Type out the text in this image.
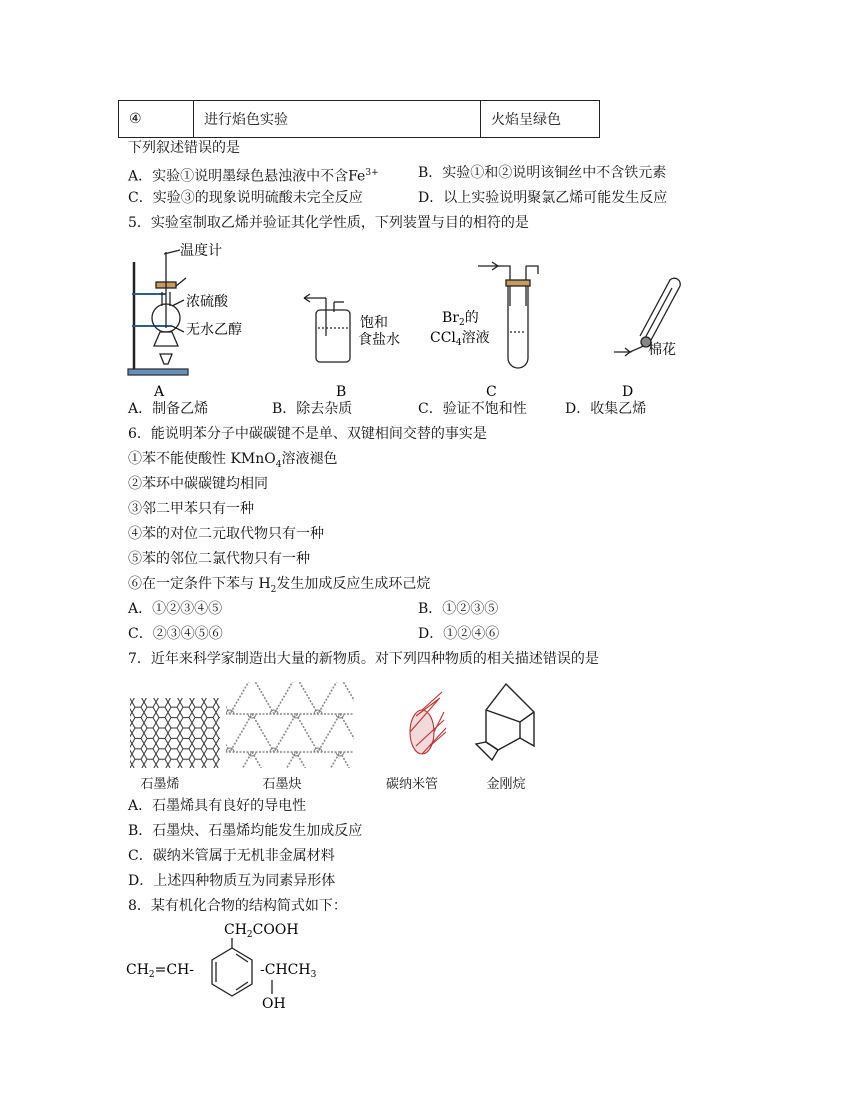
④	进行焰色实验	火焰呈绿色
下列叙述错误的是
A．实验①说明墨绿色悬浊液中不含$Fe^{3+}$	B．实验①和②说明该铜丝中不含铁元素
C．实验③的现象说明硫酸未完全反应	D．以上实验说明聚氯乙烯可能发生反应
5．实验室制取乙烯并验证其化学性质，下列装置与目的相符的是
温度计
浓硫酸
无水乙醇
A
饱和
食盐水
B
$Br_2$的
CCl$_4$溶液
C
棉花
D
A．制备乙烯	B．除去杂质	C．验证不饱和性	D．收集乙烯
6．能说明苯分子中碳碳键不是单、双键相间交替的事实是
①苯不能使酸性 KMnO$_4$溶液褪色
②苯环中碳碳键均相同
③邻二甲苯只有一种
④苯的对位二元取代物只有一种
⑤苯的邻位二氯代物只有一种
⑥在一定条件下苯与 $H_2$发生加成反应生成环己烷
A．①②③④⑤	B．①②③⑤
C．②③④⑤⑥	D．①②④⑥
7．近年来科学家制造出大量的新物质。对下列四种物质的相关描述错误的是
石墨烯	石墨炔	碳纳米管	金刚烷
A．石墨烯具有良好的导电性
B．石墨炔、石墨烯均能发生加成反应
C．碳纳米管属于无机非金属材料
D．上述四种物质互为同素异形体
8．某有机化合物的结构简式如下：
$CH_2COOH$
$CH_2=CH-$	$-CHCH_3$
OH
